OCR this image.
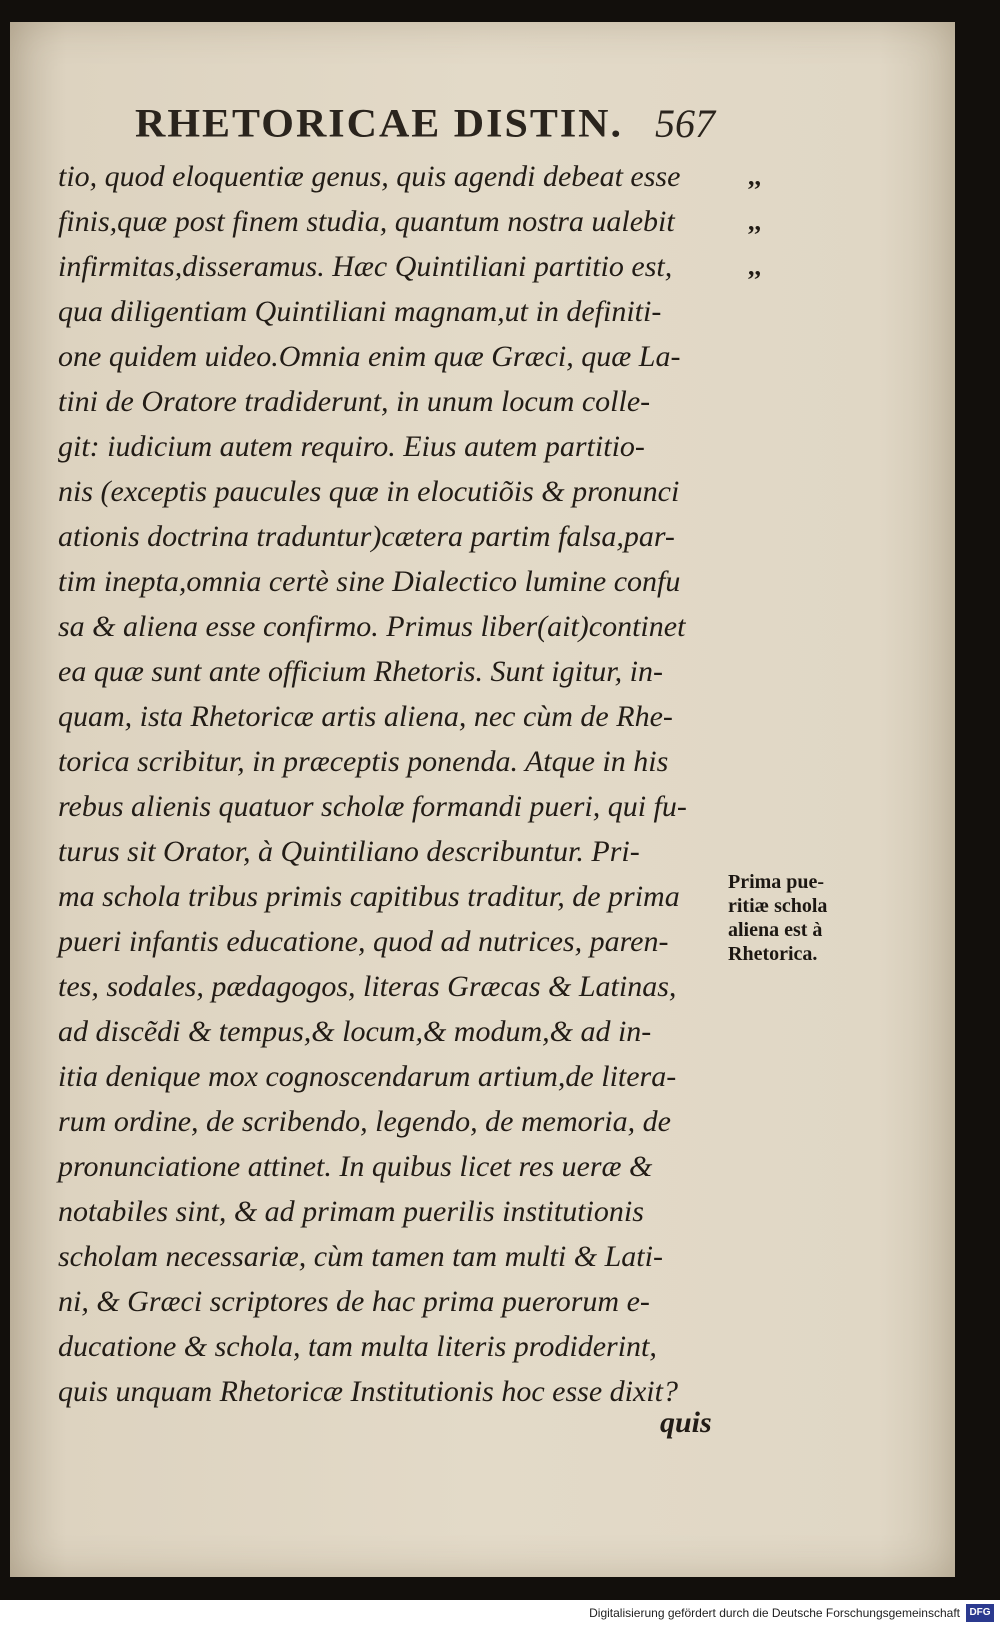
RHETORICAE DISTIN. 567
tio, quod eloquentiæ genus, quis agendi debeat esse	,,
finis,quæ post finem studia, quantum nostra ualebit	,,
infirmitas,disseramus. Hæc Quintiliani partitio est,	,,
qua diligentiam Quintiliani magnam,ut in definiti-
one quidem uideo.Omnia enim quæ Græci, quæ La-
tini de Oratore tradiderunt, in unum locum colle-
git: iudicium autem requiro. Eius autem partitio-
nis (exceptis paucules quæ in elocutiõis & pronunci
ationis doctrina traduntur)cætera partim falsa,par-
tim inepta,omnia certè sine Dialectico lumine confu
sa & aliena esse confirmo. Primus liber(ait)continet
ea quæ sunt ante officium Rhetoris. Sunt igitur, in-
quam, ista Rhetoricæ artis aliena, nec cùm de Rhe-
torica scribitur, in præceptis ponenda. Atque in his
rebus alienis quatuor scholæ formandi pueri, qui fu-
turus sit Orator, à Quintiliano describuntur. Pri-
ma schola tribus primis capitibus traditur, de prima
pueri infantis educatione, quod ad nutrices, paren-
tes, sodales, pædagogos, literas Græcas & Latinas,
ad discẽdi & tempus,& locum,& modum,& ad in-
itia denique mox cognoscendarum artium,de litera-
rum ordine, de scribendo, legendo, de memoria, de
pronunciatione attinet. In quibus licet res ueræ &
notabiles sint, & ad primam puerilis institutionis
scholam necessariæ, cùm tamen tam multi & Lati-
ni, & Græci scriptores de hac prima puerorum e-
ducatione & schola, tam multa literis prodiderint,
quis unquam Rhetoricæ Institutionis hoc esse dixit?
Prima pue-
ritiæ schola
aliena est à
Rhetorica.
quis
Digitalisierung gefördert durch die Deutsche Forschungsgemeinschaft DFG
